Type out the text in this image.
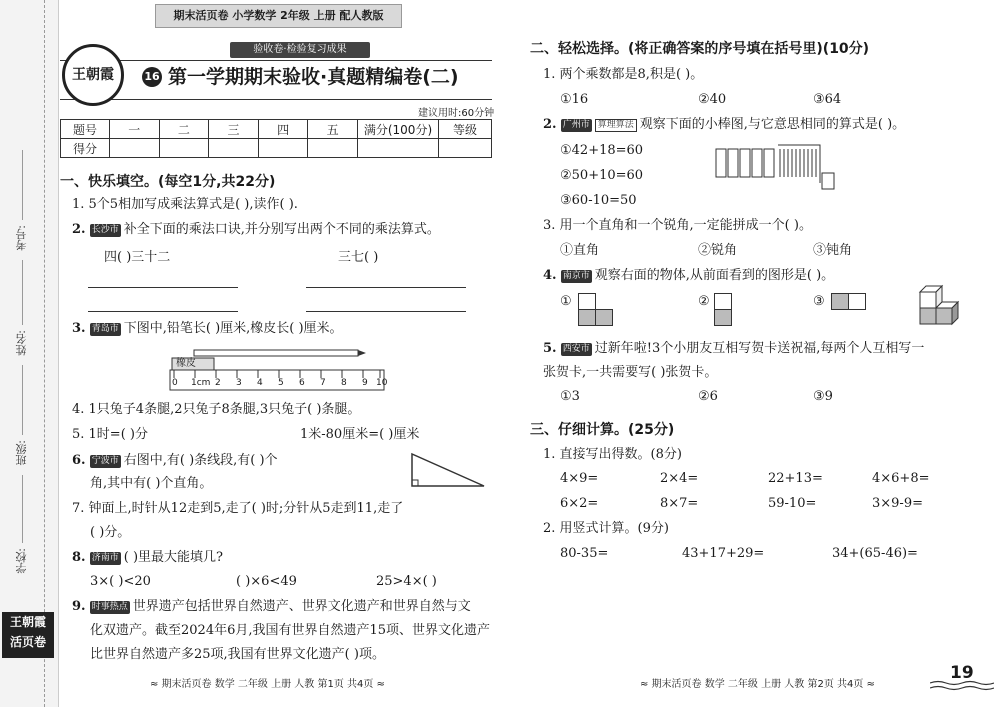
考号:
姓名:
班级:
学校:
王朝霞
活页卷
期末活页卷 小学数学 2年级 上册 配人教版
验收卷·检验复习成果
王朝霞	16 第一学期期末验收·真题精编卷(二)
建议用时:60分钟
题号	一	二	三	四	五	满分(100分)	等级
得分							
一、快乐填空。(每空1分,共22分)
1. 5个5相加写成乘法算式是( ),读作( ).
2. 长沙市 补全下面的乘法口诀,并分别写出两个不同的乘法算式。
四( )三十二	三七( )
3. 青岛市 下图中,铅笔长( )厘米,橡皮长( )厘米。
橡皮
0 1cm 2 3 4 5 6 7 8 9 10
4. 1只兔子4条腿,2只兔子8条腿,3只兔子( )条腿。
5. 1时=( )分	1米-80厘米=( )厘米
6. 宁波市 右图中,有( )条线段,有( )个
角,其中有( )个直角。
7. 钟面上,时针从12走到5,走了( )时;分针从5走到11,走了
( )分。
8. 济南市 ( )里最大能填几?
3×( )<20	( )×6<49	25>4×( )
9. 时事热点 世界遗产包括世界自然遗产、世界文化遗产和世界自然与文
化双遗产。截至2024年6月,我国有世界自然遗产15项、世界文化遗产
比世界自然遗产多25项,我国有世界文化遗产( )项。
≈ 期末活页卷 数学 二年级 上册 人教 第1页 共4页 ≈
二、轻松选择。(将正确答案的序号填在括号里)(10分)
1. 两个乘数都是8,积是( )。
①16	②40	③64
2. 广州市 算理算法 观察下面的小棒图,与它意思相同的算式是( )。
①42+18=60
②50+10=60
③60-10=50
3. 用一个直角和一个锐角,一定能拼成一个( )。
①直角	②锐角	③钝角
4. 南京市 观察右面的物体,从前面看到的图形是( )。
①	②	③
5. 西安市 过新年啦!3个小朋友互相写贺卡送祝福,每两个人互相写一
张贺卡,一共需要写( )张贺卡。
①3	②6	③9
三、仔细计算。(25分)
1. 直接写出得数。(8分)
4×9=	2×4=	22+13=	4×6+8=
6×2=	8×7=	59-10=	3×9-9=
2. 用竖式计算。(9分)
80-35=	43+17+29=	34+(65-46)=
≈ 期末活页卷 数学 二年级 上册 人教 第2页 共4页 ≈
19
